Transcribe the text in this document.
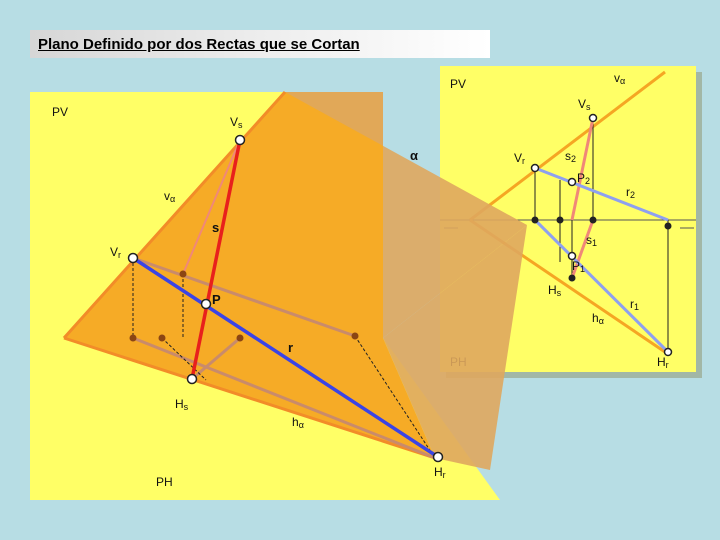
Plano Definido por dos Rectas que se Cortan
PV	vα
Vs
Vr	s2
P2
r2
s1
P1
Hs
r1
hα
Hr
PV
Vs
α
vα
s
Vr
P
r
Hs
hα
Hr
PH
